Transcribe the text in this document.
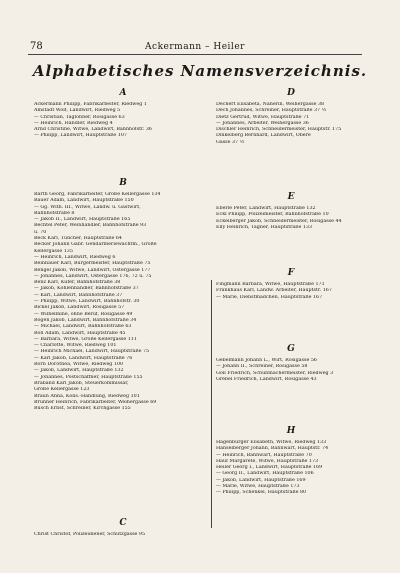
78	Ackermann – Heiler
Alphabetisches Namensverzeichnis.
A
Ackermann Philipp, Fabrikarbeiter, Riedweg 1
Amstadt Wolf, Landwirt, Riedweg 5
— Christian, Taglöhner, Rosigasse 63
— Heinrich, Händler, Riedweg 4
Arnd Christine, Witwe, Landwirt, Bahnhofstr. 36
— Philipp, Landwirt, Hauptstraße 107
B
Barth Georg, Fabrikarbeiter, Große Kellergasse 134
Bauer Adam, Landwirt, Hauptstraße 150
— Gg. With. III., Witwe, Landw. u. Gastwirt,
Bahnhofstraße 8
— Jakob II., Landwirt, Hauptstraße 165
Bechtel Peter, Weinhändler, Bahnhofstraße 93
u. 70
Beck Karl, Tüncher, Hauptstraße 64
Becker Johann Gabr. Gendarmeriewachtm., Große
Kellergasse 135
— Heinrich, Landwirt, Riedweg 6
Beinhauer Karl, Bürgermeister, Hauptstraße 75
Bengel Jakob, Witwe, Landwirt, Ostergasse 177
— Johannes, Landwirt, Ostergasse 176, 72 u. 75
Benz Karl, Küfer, Bahnhofstraße 38
— Jakob, Kohlenhändler, Bahnhofstraße 37
— Karl, Landwirt, Bahnhofstraße 37
— Philipp, Witwe, Landwirt, Bahnhofstr. 30
Bickel Jakob, Landwirt, Rosigasse 57
— Wilhelmine, ohne Beruf, Rosigasse 49
Bogen Jakob, Landwirt, Bahnhofstraße 34
— Michael, Landwirt, Bahnhofstraße 63
Böll Adam, Landwirt, Hauptstraße 45
— Barbara, Witwe, Große Kellergasse 111
— Charlotte, Witwe, Riedweg 101
— Heinrich Michael, Landwirt, Hauptstraße 75
— Karl Jakob, Landwirt, Hauptstraße 76
Born Dorothea, Witwe, Riedweg 100
— Jakob, Landwirt, Hauptstraße 132
— Johannes, Postschaffner, Hauptstraße 155
Braband Karl Jakob, Steuerkommissär,
Große Kellergasse 123
Braun Anna, Kons.-Handlung, Riedweg 101
Brunner Heinrich, Fabrikarbeiter, Weihergasse 69
Busch Ernst, Schreiner, Kirchgasse 155
C
Christ Christof, Polizeidiener, Schützgasse 95
D
Dechert Elisabeta, Näherin, Weihergasse 38
Dech Johannes, Schreiner, Hauptstraße 37 ½
Dietz Gertrud, Witwe, Hauptstraße 71
— Johannes, Arbeiter, Weihergasse 36
Dischler Heinrich, Schneidermeister, Hauptstr. 175
Dinkelberg Bernhard, Landwirt, Obere
Gasse 37 ½
E
Eberle Peter, Landwirt, Hauptstraße 132
Eckl Philipp, Polizeimeister, Bahnhofstraße 10
Eckelberger Jakob, Schneidermeister, Rosigasse 44
Elly Heinrich, Tagner, Hauptstraße 133
F
Fingmann Barbara, Witwe, Hauptstraße 171
Frankhaus Karl, Landw. Arbeiter, Hauptstr. 167
— Marie, Dienstmädchen, Hauptstraße 167
G
Gebelmann Johann L., Wirt, Rosigasse 56
— Johann II., Schreiner, Rosigasse 58
Goll Friedrich, Schuhmachermeister, Riedweg 3
Grebel Friedrich, Landwirt, Rosigasse 43
H
Hagenburger Elisabeth, Witwe, Riedweg 133
Hanselberger Johann, Bahnwart, Hauptstr. 74
— Heinrich, Bahnwart, Hauptstraße 70
Hauf Margarete, Witwe, Hauptstraße 173
Heiler Georg I., Landwirt, Hauptstraße 169
— Georg II., Landwirt, Hauptstraße 106
— Jakob, Landwirt, Hauptstraße 169
— Marie, Witwe, Hauptstraße 173
— Philipp, Schenkel, Hauptstraße 80
